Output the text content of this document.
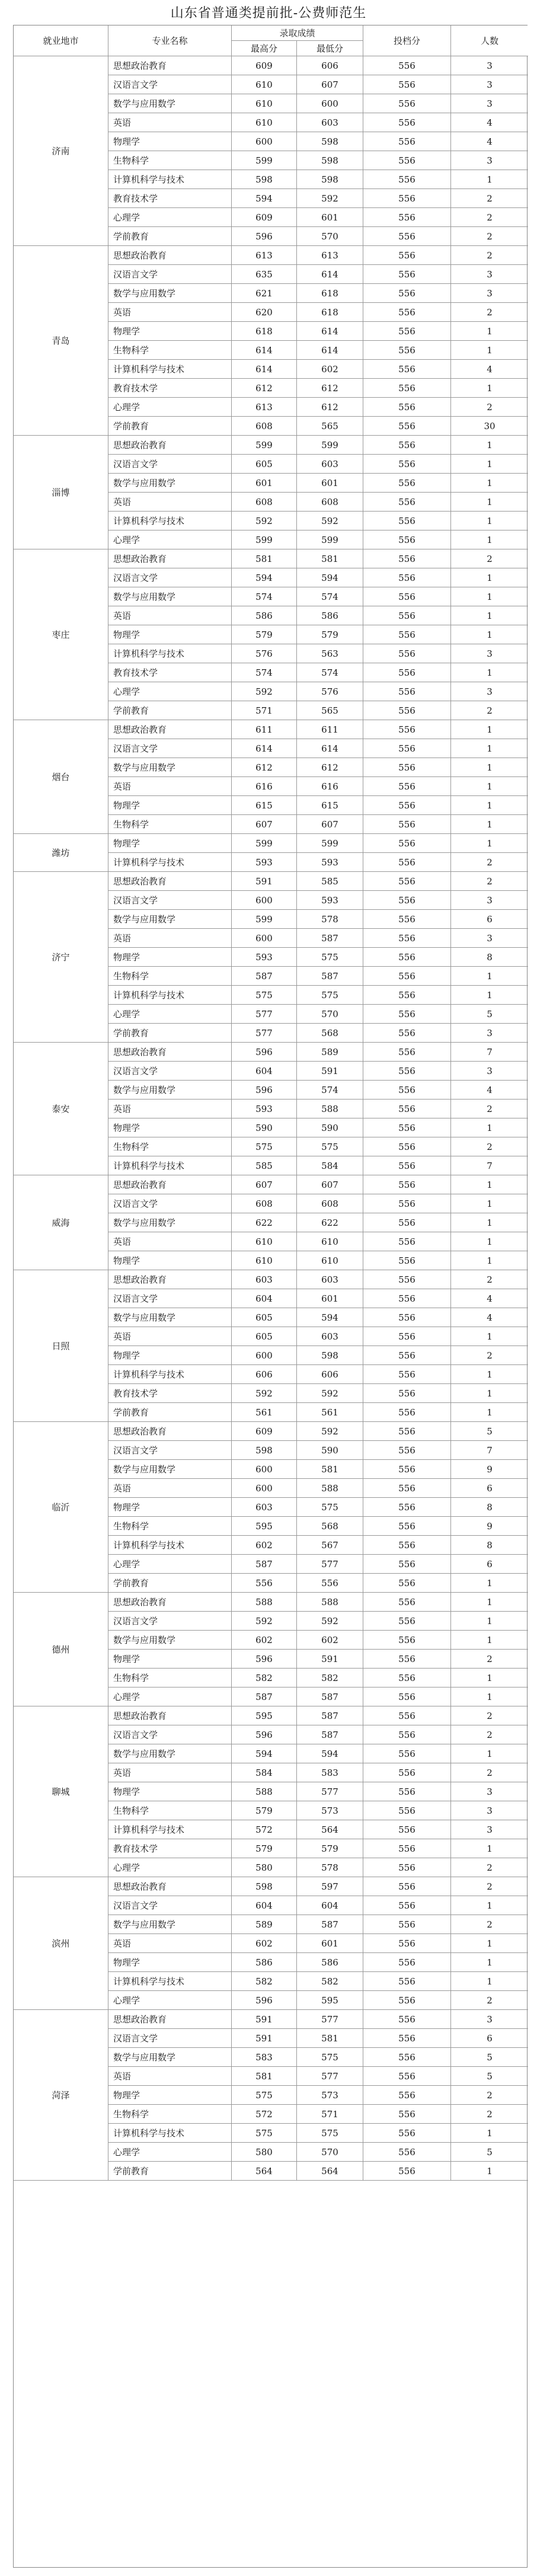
山东省普通类提前批-公费师范生
就业地市	专业名称
录取成绩
最高分	最低分
投档分	人数
济南
思想政治教育	609	606	556	3
汉语言文学	610	607	556	3
数学与应用数学	610	600	556	3
英语	610	603	556	4
物理学	600	598	556	4
生物科学	599	598	556	3
计算机科学与技术	598	598	556	1
教育技术学	594	592	556	2
心理学	609	601	556	2
学前教育	596	570	556	2
青岛
思想政治教育	613	613	556	2
汉语言文学	635	614	556	3
数学与应用数学	621	618	556	3
英语	620	618	556	2
物理学	618	614	556	1
生物科学	614	614	556	1
计算机科学与技术	614	602	556	4
教育技术学	612	612	556	1
心理学	613	612	556	2
学前教育	608	565	556	30
淄博
思想政治教育	599	599	556	1
汉语言文学	605	603	556	1
数学与应用数学	601	601	556	1
英语	608	608	556	1
计算机科学与技术	592	592	556	1
心理学	599	599	556	1
枣庄
思想政治教育	581	581	556	2
汉语言文学	594	594	556	1
数学与应用数学	574	574	556	1
英语	586	586	556	1
物理学	579	579	556	1
计算机科学与技术	576	563	556	3
教育技术学	574	574	556	1
心理学	592	576	556	3
学前教育	571	565	556	2
烟台
思想政治教育	611	611	556	1
汉语言文学	614	614	556	1
数学与应用数学	612	612	556	1
英语	616	616	556	1
物理学	615	615	556	1
生物科学	607	607	556	1
潍坊
物理学	599	599	556	1
计算机科学与技术	593	593	556	2
济宁
思想政治教育	591	585	556	2
汉语言文学	600	593	556	3
数学与应用数学	599	578	556	6
英语	600	587	556	3
物理学	593	575	556	8
生物科学	587	587	556	1
计算机科学与技术	575	575	556	1
心理学	577	570	556	5
学前教育	577	568	556	3
泰安
思想政治教育	596	589	556	7
汉语言文学	604	591	556	3
数学与应用数学	596	574	556	4
英语	593	588	556	2
物理学	590	590	556	1
生物科学	575	575	556	2
计算机科学与技术	585	584	556	7
威海
思想政治教育	607	607	556	1
汉语言文学	608	608	556	1
数学与应用数学	622	622	556	1
英语	610	610	556	1
物理学	610	610	556	1
日照
思想政治教育	603	603	556	2
汉语言文学	604	601	556	4
数学与应用数学	605	594	556	4
英语	605	603	556	1
物理学	600	598	556	2
计算机科学与技术	606	606	556	1
教育技术学	592	592	556	1
学前教育	561	561	556	1
临沂
思想政治教育	609	592	556	5
汉语言文学	598	590	556	7
数学与应用数学	600	581	556	9
英语	600	588	556	6
物理学	603	575	556	8
生物科学	595	568	556	9
计算机科学与技术	602	567	556	8
心理学	587	577	556	6
学前教育	556	556	556	1
德州
思想政治教育	588	588	556	1
汉语言文学	592	592	556	1
数学与应用数学	602	602	556	1
物理学	596	591	556	2
生物科学	582	582	556	1
心理学	587	587	556	1
聊城
思想政治教育	595	587	556	2
汉语言文学	596	587	556	2
数学与应用数学	594	594	556	1
英语	584	583	556	2
物理学	588	577	556	3
生物科学	579	573	556	3
计算机科学与技术	572	564	556	3
教育技术学	579	579	556	1
心理学	580	578	556	2
滨州
思想政治教育	598	597	556	2
汉语言文学	604	604	556	1
数学与应用数学	589	587	556	2
英语	602	601	556	1
物理学	586	586	556	1
计算机科学与技术	582	582	556	1
心理学	596	595	556	2
菏泽
思想政治教育	591	577	556	3
汉语言文学	591	581	556	6
数学与应用数学	583	575	556	5
英语	581	577	556	5
物理学	575	573	556	2
生物科学	572	571	556	2
计算机科学与技术	575	575	556	1
心理学	580	570	556	5
学前教育	564	564	556	1
